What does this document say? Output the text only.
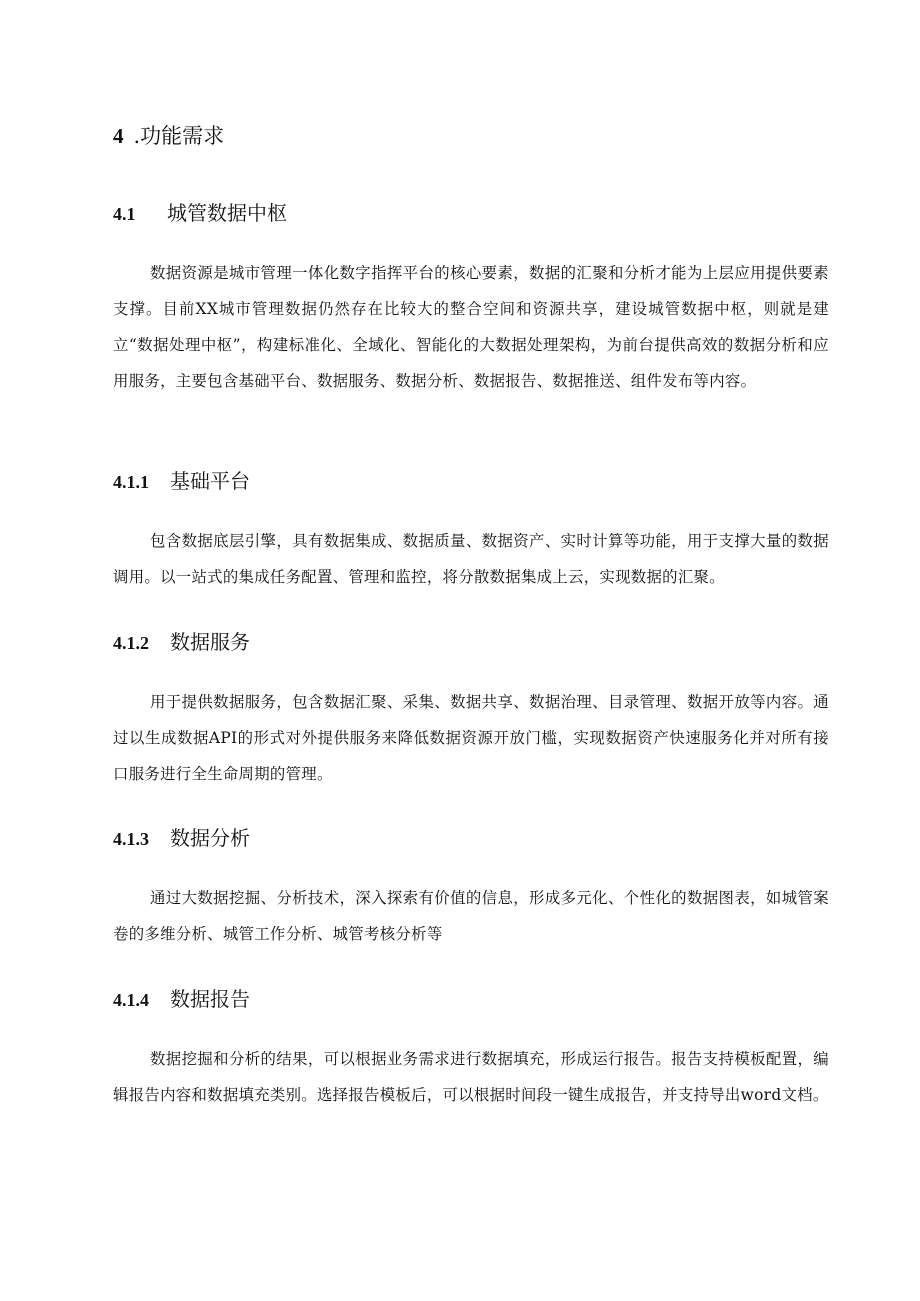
4 .功能需求
4.1 城管数据中枢

数据资源是城市管理一体化数字指挥平台的核心要素，数据的汇聚和分析才能为上层应用提供要素支撑。目前XX城市管理数据仍然存在比较大的整合空间和资源共享，建设城管数据中枢，则就是建立“数据处理中枢”，构建标准化、全域化、智能化的大数据处理架构，为前台提供高效的数据分析和应用服务，主要包含基础平台、数据服务、数据分析、数据报告、数据推送、组件发布等内容。

4.1.1 基础平台

包含数据底层引擎，具有数据集成、数据质量、数据资产、实时计算等功能，用于支撑大量的数据调用。以一站式的集成任务配置、管理和监控，将分散数据集成上云，实现数据的汇聚。

4.1.2 数据服务

用于提供数据服务，包含数据汇聚、采集、数据共享、数据治理、目录管理、数据开放等内容。通过以生成数据API的形式对外提供服务来降低数据资源开放门槛，实现数据资产快速服务化并对所有接口服务进行全生命周期的管理。

4.1.3 数据分析

通过大数据挖掘、分析技术，深入探索有价值的信息，形成多元化、个性化的数据图表，如城管案卷的多维分析、城管工作分析、城管考核分析等

4.1.4 数据报告

数据挖掘和分析的结果，可以根据业务需求进行数据填充，形成运行报告。报告支持模板配置，编辑报告内容和数据填充类别。选择报告模板后，可以根据时间段一键生成报告，并支持导出word文档。
